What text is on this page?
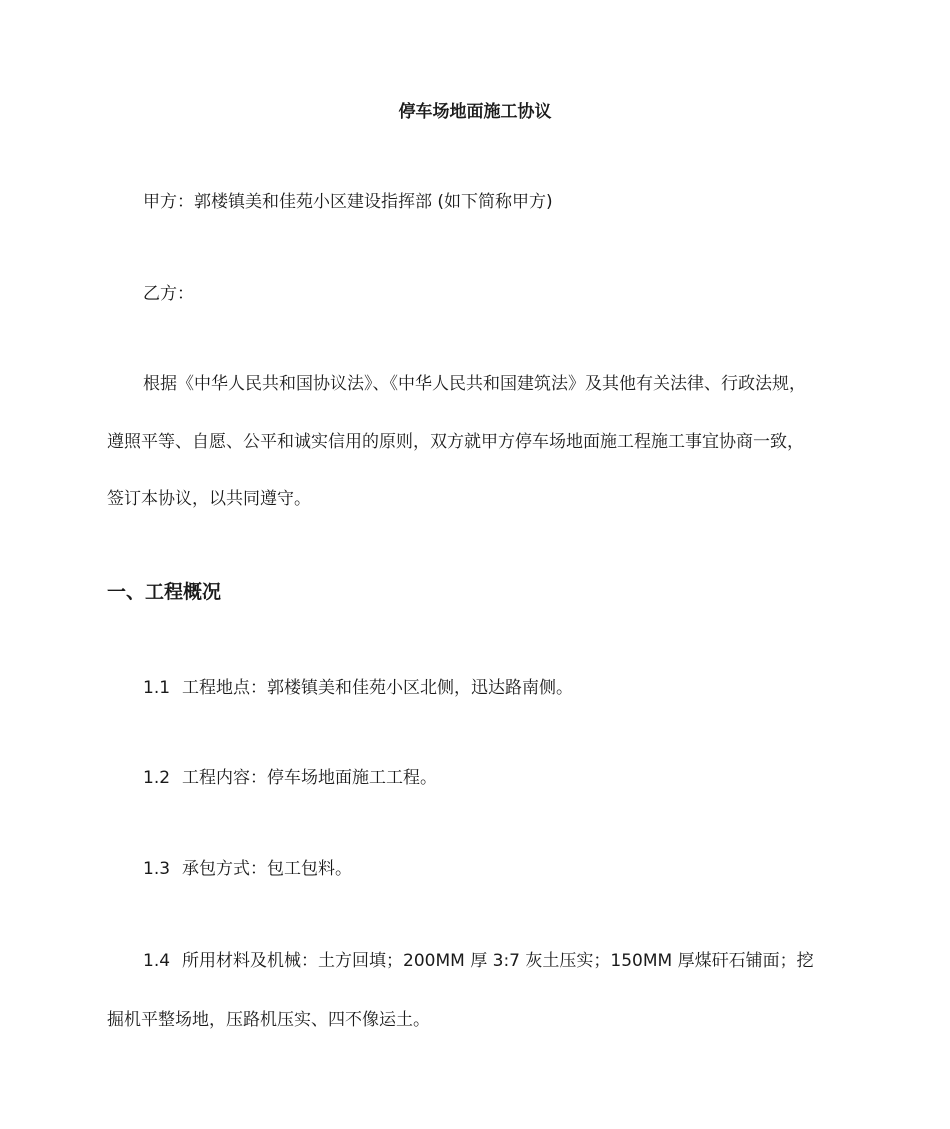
停车场地面施工协议
甲方：郭楼镇美和佳苑小区建设指挥部 (如下简称甲方)
乙方：
根据《中华人民共和国协议法》、《中华人民共和国建筑法》及其他有关法律、行政法规，
遵照平等、自愿、公平和诚实信用的原则，双方就甲方停车场地面施工程施工事宜协商一致，
签订本协议，以共同遵守。
一、工程概况
1.1 工程地点：郭楼镇美和佳苑小区北侧，迅达路南侧。
1.2 工程内容：停车场地面施工工程。
1.3 承包方式：包工包料。
1.4 所用材料及机械：土方回填；200MM 厚 3:7 灰土压实；150MM 厚煤矸石铺面；挖
掘机平整场地，压路机压实、四不像运土。
